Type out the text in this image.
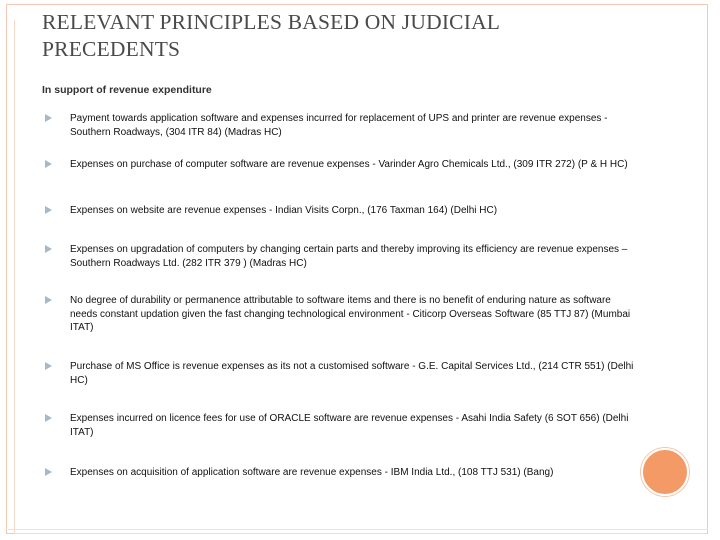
RELEVANT PRINCIPLES BASED ON JUDICIAL PRECEDENTS
In support of revenue expenditure
Payment towards application software and expenses incurred for replacement of UPS and printer are revenue expenses - Southern Roadways, (304 ITR 84) (Madras HC)
Expenses on purchase of computer software are revenue expenses - Varinder Agro Chemicals Ltd., (309 ITR 272) (P & H HC)
Expenses on website are revenue expenses - Indian Visits Corpn., (176 Taxman 164) (Delhi HC)
Expenses on upgradation of computers by changing certain parts and thereby improving its efficiency are revenue expenses – Southern Roadways Ltd. (282 ITR 379 ) (Madras HC)
No degree of durability or permanence attributable to software items and there is no benefit of enduring nature as software needs constant updation given the fast changing technological environment - Citicorp Overseas Software (85 TTJ 87) (Mumbai ITAT)
Purchase of MS Office is revenue expenses as its not a customised software - G.E. Capital Services Ltd., (214 CTR 551) (Delhi HC)
Expenses incurred on licence fees for use of ORACLE software are revenue expenses - Asahi India Safety (6 SOT 656) (Delhi ITAT)
Expenses on acquisition of application software are revenue expenses - IBM India Ltd., (108 TTJ 531) (Bang)
